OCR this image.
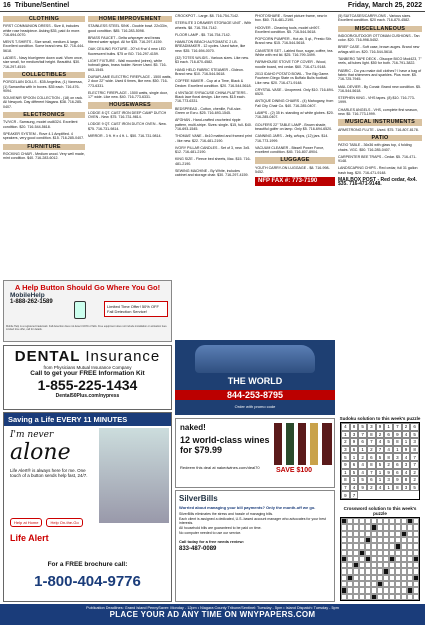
16 Tribune/Sentinel	Friday, March 25, 2022
CLOTHING
FIRST COMMUNION DRESS - Size 8, includes white rose headpiece. Asking $35, paid 4x more. 716-694-0070.
MEN'S T-SHIRTS - Size small, medium & large. Excellent condition. Some brand new. $2. 716-444-5618.
LADIES - Navy blue/green down coat. Worn once, size small, for medium/tall height. Beautiful. $30. 716-297-4519.
COLLECTIBLES
PORCELAIN DOLLS - $35 Angelina, (1) Vanessa, (1) Samantha with in boxes. $35 each. 716-476-9094.
SOUVENIR SPOON COLLECTION - (18) on rack. All Newyork. Day different Niagara. $38. 716-285-0407.
ELECTRONICS
TV/VCR - Samsung, model csd6324. Excellent condition. $20. 716-544-5618.
SPEAKER SYSTEM - Rove 4.1 Amplified. 4 speakers, very good condition. $15. 716-285-0407.
FURNITURE
ROCKING CHAIR - Medium wood. Very well made, mint condition. $40. 716-283-6012.
HOME IMPROVEMENT
STAINLESS STEEL SINK - Double bowl. 22x33in, good condition. $85. 716-283-5098.
BRASS FAUCET - Delta w/sprayer and brass filtered water spigot. All for $35. 716-297-4159.
OAK CEILING FIXTURE - 20"x4 ft w/ 4 new LED fluorescent bulbs. $75 or BO. 716-297-4159.
LIGHT FIXTURE - Wall mounted (wires), white hobnail glass, brass holder. Never Used. $5. 716-693-1545.
DURAFLAME ELECTRIC FIREPLACE - 1500 watts, 2 door 22" wide. Used 6 times, like new. $50. 716-773-6331.
ELECTRIC FIREPLACE - 1500 watts, single door, 17" wide. Like new. $40. 716-773-6331.
HOUSEWARES
LODGE 8 QT. CAST IRON DEEP CAMP DUTCH OVEN - New. $75. 716-731-9814.
LODGE 9 QT. CAST IRON DUTCH OVEN - New. $75. 716-731-9814.
MIRROR - 3 ft. H x 4 ft. L. $50. 716-731-9814.
A Help Button Should Go Where You Go!
MobileHelp
1-888-262-1589
Limited Time Offer! 50% OFF Fall Detection Service!
Mobile Help is a registered trademark. Fall detection does not detect 100% of falls. Free equipment does not include installation or activation fees. Limited time offer, call for details.
DENTAL Insurance
from Physicians Mutual Insurance Company
Call to get your FREE Information Kit
1-855-225-1434
Dental50Plus.com/nypress
Saving a Life EVERY 11 MINUTES
I'm never
alone
Life Alert® is always here for me. One touch of a button sends help fast, 24/7.
Help at Home	Help On-the-Go
Life Alert
For a FREE brochure call:
1-800-404-9776
CROCKPOT - Large. $8. 716-754-7142.
STERILITE 3 DRAWER STORAGE UNIT - With wheels. $8. 716-754-7142.
FLOOR LAMP - $5. 716-754-7142.
HAMILTON BEACH AUTOMATIC 2 LB. BREADMAKER - 12 cycles. Used twice, like new. $35. 716-694-0070.
(32) TOTES W/LIDS - Various sizes. Like new. $3 each. 716-870-4582.
HAND HELD FABRIC STEAMER - Gideon. Brand new. $10. 716-544-5618.
COFFEE MAKER - Cup at a Time, Black & Decker. Excellent condition. $20. 716-544-5618.
4 VINTAGE SYRACUSE CHINA PLATTERS - Black lace floral design. Like new. $15 each. 716-773-6331.
BEDSPREAD - Cotton, chenille, Full-size. Green or Ecru. $25. 716-693-1545.
AFGHAN - Hand-crafted crocheted ripple pattern, multi-stripe. Sizes: single- $15, full- $40. 716-693-1545.
THOMAS' VANE - 8x10 matted and framed print - like new. $22. 716-481-2190.
IVORY PILLAR CANDLES - Set of 3, new. 3x5. $12. 716-481-2190.
KING SIZE - Fleece bed sheets, lilac. $15. 716-481-2190.
SEWING MACHINE - By White, includes cabinet and storage chair. $30. 716-297-4159.
PHOTOSHARE - Smart picture frame, new in box. $60. 716-481-2190.
HOOVER - Cleaning tools, model uh907. Excellent condition. $5. 716-544-5618.
POPCORN PUMPER - Hot air, 5 qt., Presto Stir. Brand new. $15. 716-544-5618.
CANISTER SET - Labled flour, sugar, coffee, tea. White with red lid. $25. 716-799-3499.
FARMHOUSE STOVE TOP COVER - Wood, noodle board, red cedar. $60. 716-471-9148.
2013 IDAHO POTATO BOWL - The Big Game. Fourteen Diego State vs Buffalo Bulls football. Like new. $20. 716-471-9148.
CRYSTAL VASE - Unopened. Only $10. 716-694-6520.
ANTIQUE DINING CHAIRS - (4) Mahogany, from Fall City Chair Co. $40. 716-285-0407.
LAMPS - (2) 35 in. standing w/ white globes. $20. 716-285-0407.
GOLFERS 22" TABLE LAMP - Brown shade, beautiful golfer on lamp. Only $5. 716-694-6520.
CANNING JARS - Jelly, w/tops, (12) jars. $14. 716-773-1999.
VACUUM CLEANER - Bissell Power Force, excellent condition. $45. 716-807-8904.
LUGGAGE
YOUTH CARRY-ON LUGGAGE - $8. 716-998-5452.
NFP FAX #: 773-7190
(5) SUITCASES/CARRY-ONS - Various sizes. Excellent condition. $20 each. 716-870-4582.
MISCELLANEOUS
INDOOR/OUTDOOR OTTOMAN CUSHIONS - Tan color. $20. 716-998-5452.
BRIEF CASE - Soft case, brown auges. Brand new w/tags still on. $20. 716-544-5618.
TANBERG TAPE DECK - Olscope BICO Mod423, 7" reels, all tubes light. $50 for both. 716-791-3822.
FABRIC - Do you make doll clothes? I have a bag of fabric that shimmers and sparkles. Plus more. $5. 716-725-7945.
MAIL DEVIER - By Conair. Brand new condition. $5. 716-544-5618.
STEPHEN KING - VHS tapes. (8) $10. 716-773-1999.
CHARLES ANGELS - VHS, complete first season, new. $5. 716-773-1999.
MUSICAL INSTRUMENTS
ARMSTRONG FLUTE - Used. $75. 716-807-8178.
PATIO
PATIO TABLE - 36x36 with glass top, 4 folding chairs. VGC. $50. 716-285-0407.
CARPENTER BEE TRAPS - Cedar. $5. 716-471-9148.
LANDSCAPING CHIPS - Red cedar, full 31 gallon trash bag. $20. 716-471-9148.
MAILBOX POST - Red cedar, 4x4. $35. 716-471-9148.
THE WORLD
844-253-8795
Order with promo code
naked!
12 world-class wines for $79.99
Redeem this deal at nakedwines.com/deal70	SAVE $100
SilverBills
Worried about managing your bill payments? Only the month-off we go.
SilverBills eliminates the stress and hassle of managing bills.
Each client is assigned a dedicated, U.S.-based account manager who advocates for your best interests.
All household bills are guaranteed to be paid on time.
No computer needed to use our service.
Call today for a free needs review:
833-487-0089
Sudoku solution to this week's puzzle
4	8	5	3	9	1	7	2	6
1	3	7	8	2	6	9	4	5
2	9	6	7	4	5	8	1	3
3	6	1	2	7	4	1	9	8
5	1	2	6	5	8	3	4	7
9	6	4	8	5	2	6	3	7
1	5	4	7	1	9	6	4	2
8	1	5	6	1	3	9	8	2
7	4	9	2	4	1	8	3	5
9	7
Crossword solution to this week's puzzle
Publication Deadlines: Grand Island PennySaver: Monday - 12pm • Niagara County Tribune/Sentinel: Tuesday - 5pm • Island Dispatch: Tuesday - 5pm
PLACE YOUR AD ANY TIME ON WNYPAPERS.COM
